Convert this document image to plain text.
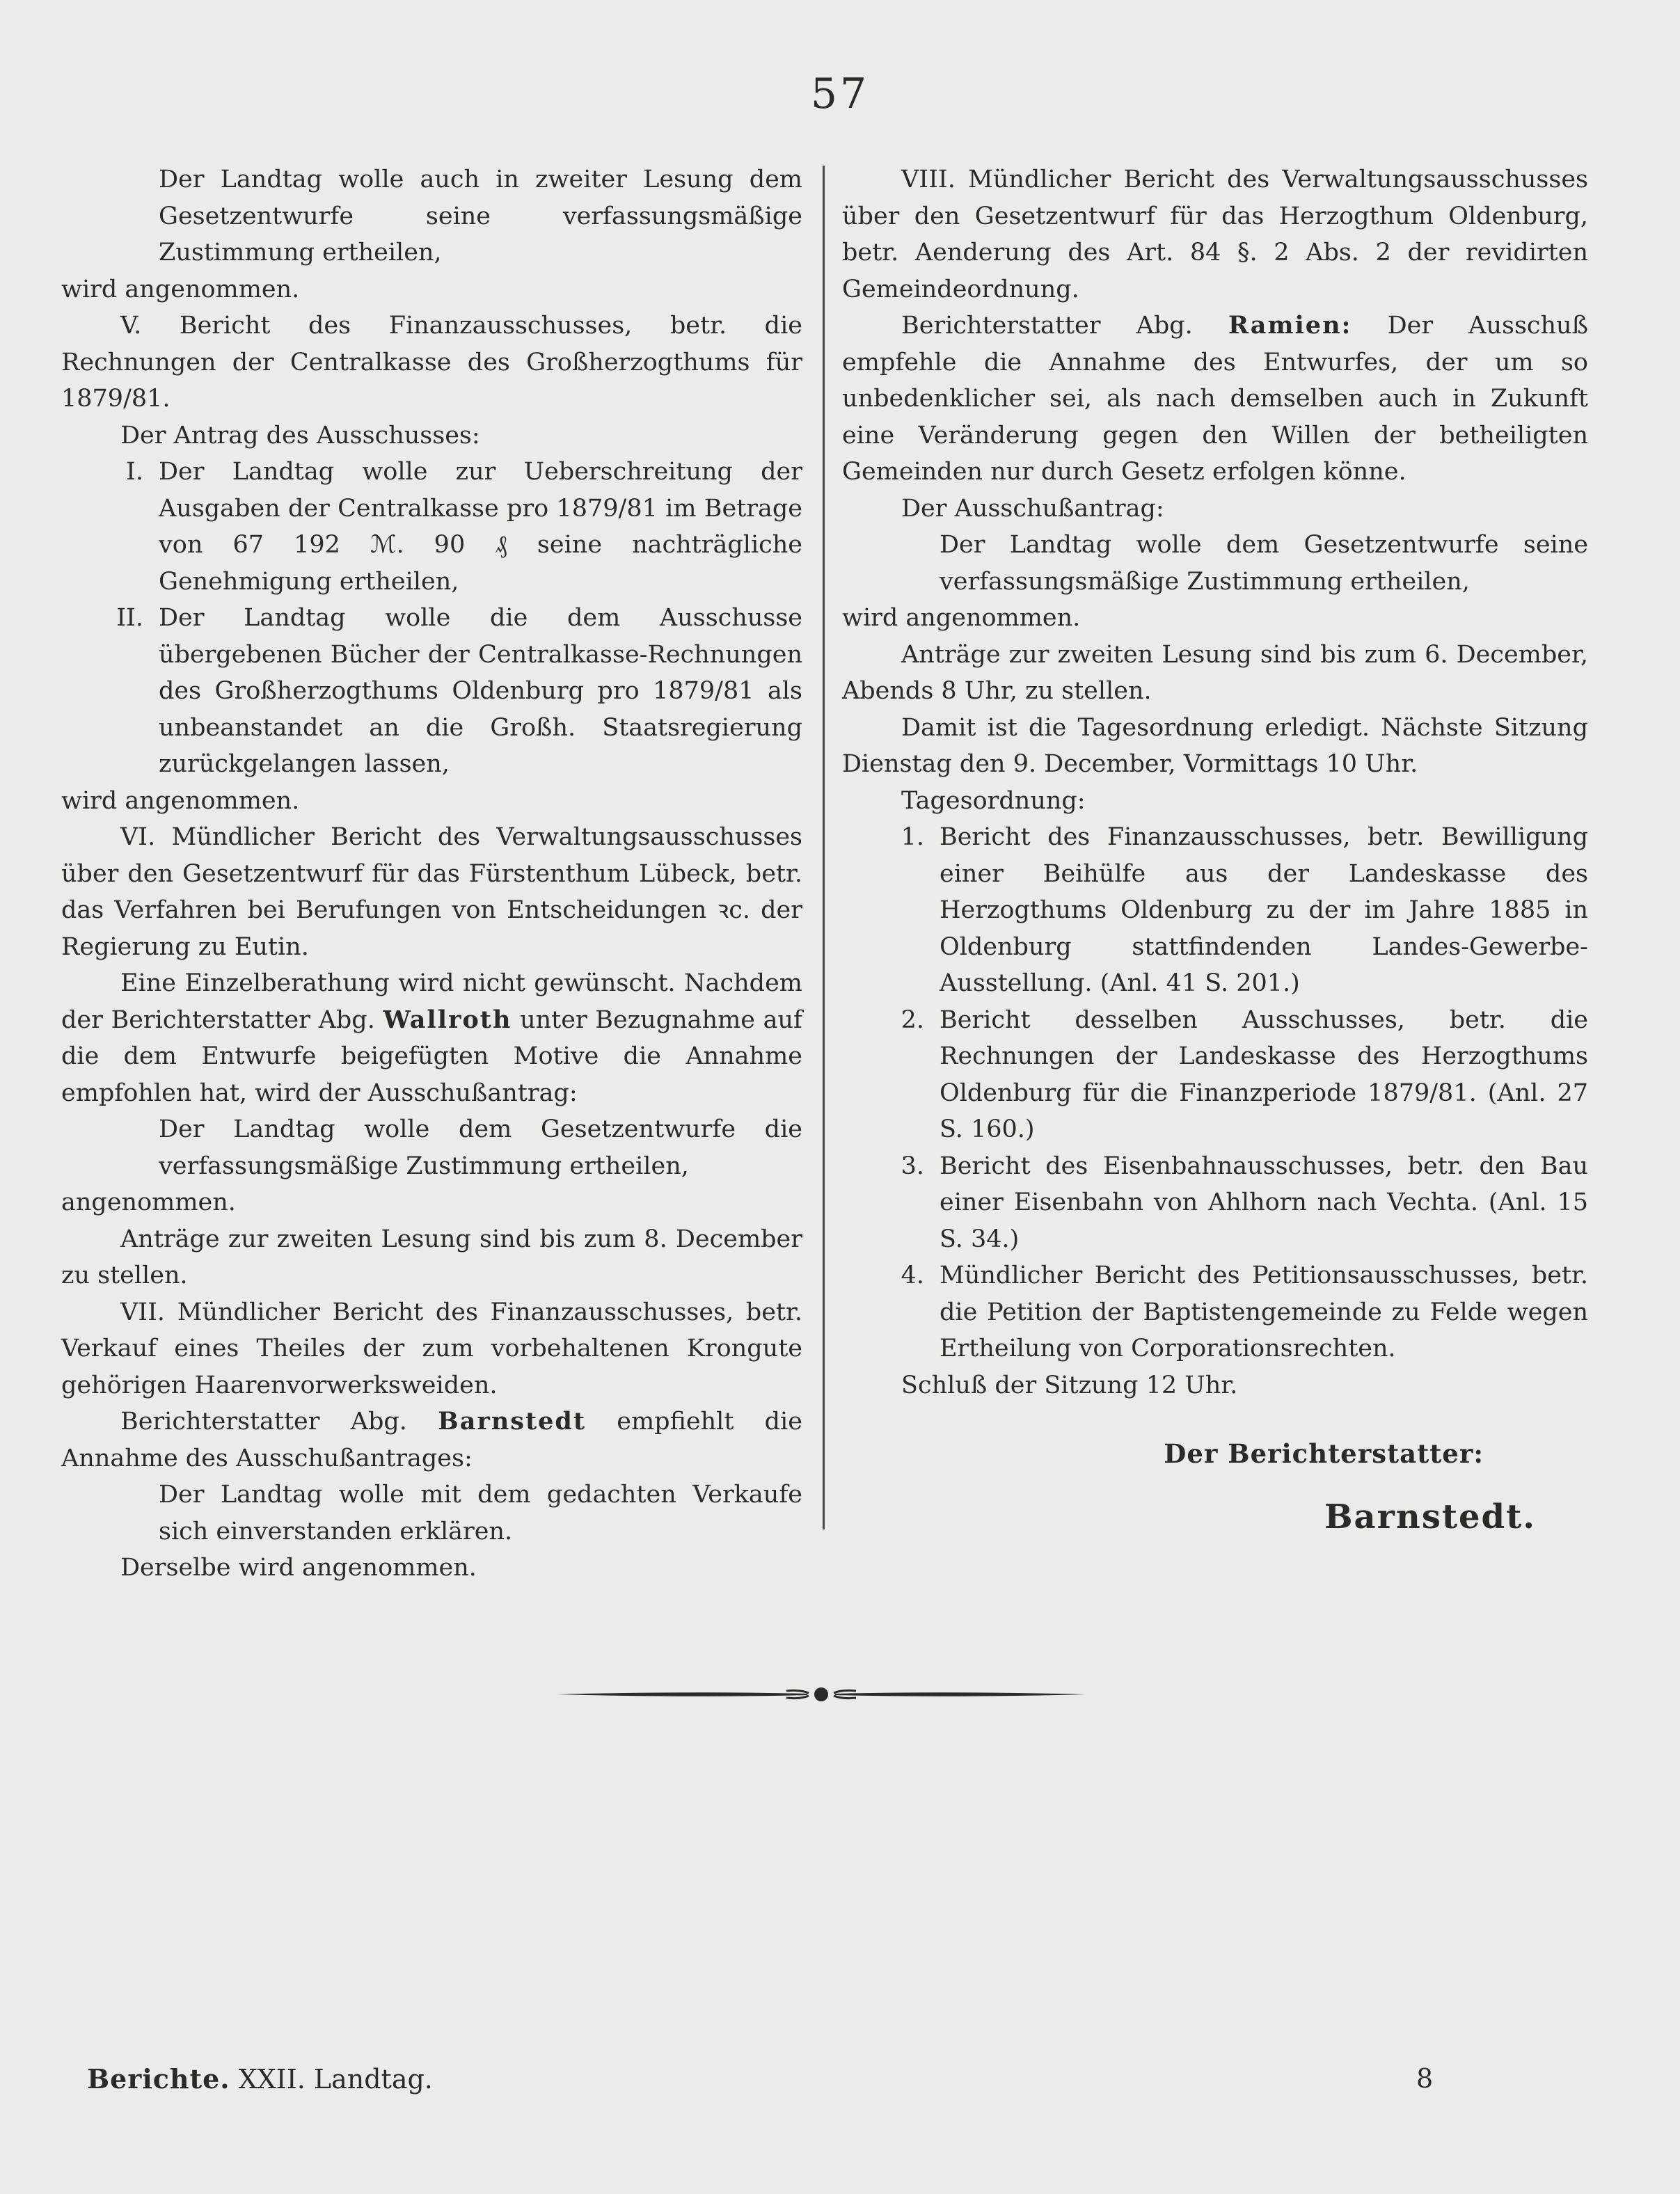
57

Der Landtag wolle auch in zweiter Lesung dem Gesetzentwurfe seine verfassungsmäßige Zustimmung ertheilen,

wird angenommen.

V. Bericht des Finanzausschusses, betr. die Rechnungen der Centralkasse des Großherzogthums für 1879/81.

Der Antrag des Ausschusses:

I. Der Landtag wolle zur Ueberschreitung der Ausgaben der Centralkasse pro 1879/81 im Betrage von 67 192 ℳ. 90 ₰ seine nachträgliche Genehmigung ertheilen,
II. Der Landtag wolle die dem Ausschusse übergebenen Bücher der Centralkasse-Rechnungen des Großherzogthums Oldenburg pro 1879/81 als unbeanstandet an die Großh. Staatsregierung zurückgelangen lassen,

wird angenommen.

VI. Mündlicher Bericht des Verwaltungsausschusses über den Gesetzentwurf für das Fürstenthum Lübeck, betr. das Verfahren bei Berufungen von Entscheidungen ꝛc. der Regierung zu Eutin.

Eine Einzelberathung wird nicht gewünscht. Nachdem der Berichterstatter Abg. Wallroth unter Bezugnahme auf die dem Entwurfe beigefügten Motive die Annahme empfohlen hat, wird der Ausschußantrag:

Der Landtag wolle dem Gesetzentwurfe die verfassungsmäßige Zustimmung ertheilen,

angenommen.

Anträge zur zweiten Lesung sind bis zum 8. December zu stellen.

VII. Mündlicher Bericht des Finanzausschusses, betr. Verkauf eines Theiles der zum vorbehaltenen Krongute gehörigen Haarenvorwerksweiden.

Berichterstatter Abg. Barnstedt empfiehlt die Annahme des Ausschußantrages:

Der Landtag wolle mit dem gedachten Verkaufe sich einverstanden erklären.

Derselbe wird angenommen.

VIII. Mündlicher Bericht des Verwaltungsausschusses über den Gesetzentwurf für das Herzogthum Oldenburg, betr. Aenderung des Art. 84 §. 2 Abs. 2 der revidirten Gemeindeordnung.

Berichterstatter Abg. Ramien: Der Ausschuß empfehle die Annahme des Entwurfes, der um so unbedenklicher sei, als nach demselben auch in Zukunft eine Veränderung gegen den Willen der betheiligten Gemeinden nur durch Gesetz erfolgen könne.

Der Ausschußantrag:

Der Landtag wolle dem Gesetzentwurfe seine verfassungsmäßige Zustimmung ertheilen,

wird angenommen.

Anträge zur zweiten Lesung sind bis zum 6. December, Abends 8 Uhr, zu stellen.

Damit ist die Tagesordnung erledigt. Nächste Sitzung Dienstag den 9. December, Vormittags 10 Uhr.

Tagesordnung:

1. Bericht des Finanzausschusses, betr. Bewilligung einer Beihülfe aus der Landeskasse des Herzogthums Oldenburg zu der im Jahre 1885 in Oldenburg stattfindenden Landes-Gewerbe-Ausstellung. (Anl. 41 S. 201.)
2. Bericht desselben Ausschusses, betr. die Rechnungen der Landeskasse des Herzogthums Oldenburg für die Finanzperiode 1879/81. (Anl. 27 S. 160.)
3. Bericht des Eisenbahnausschusses, betr. den Bau einer Eisenbahn von Ahlhorn nach Vechta. (Anl. 15 S. 34.)
4. Mündlicher Bericht des Petitionsausschusses, betr. die Petition der Baptistengemeinde zu Felde wegen Ertheilung von Corporationsrechten.

Schluß der Sitzung 12 Uhr.

Der Berichterstatter:
Barnstedt.
Berichte. XXII. Landtag.	8
